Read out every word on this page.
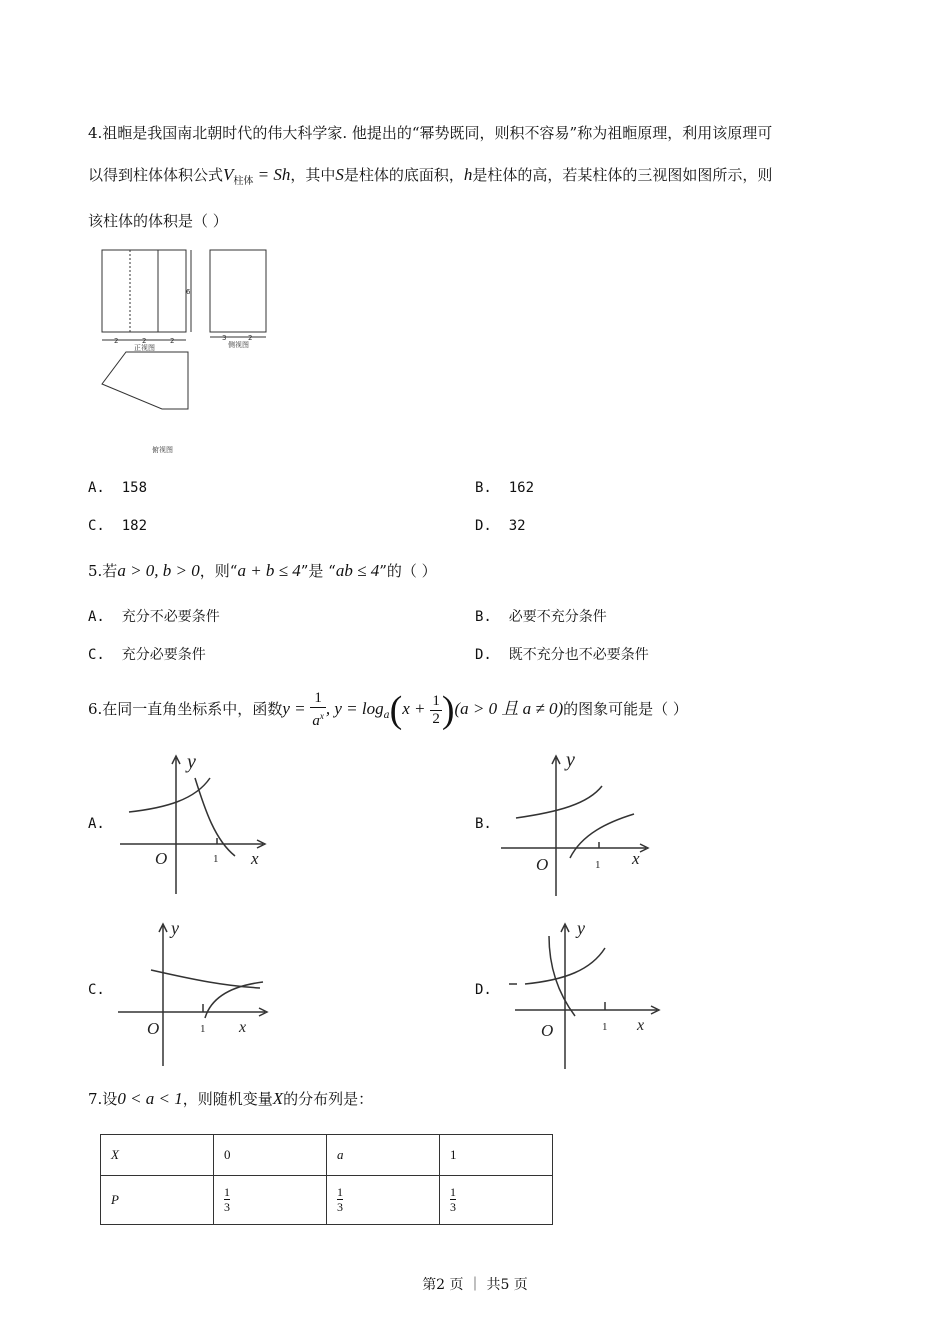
4.祖暅是我国南北朝时代的伟大科学家. 他提出的“幂势既同，则积不容易”称为祖暅原理，利用该原理可
以得到柱体体积公式$V_{柱体} = Sh$，其中S是柱体的底面积，h是柱体的高，若某柱体的三视图如图所示，则
该柱体的体积是（ ）
6
2	2	2	3	2
正视图	侧视图
俯视图
A. 158	B. 162
C. 182	D. 32
5.若a > 0, b > 0，则“a + b ≤ 4”是 “ab ≤ 4”的（ ）
A. 充分不必要条件	B. 必要不充分条件
C. 充分必要条件	D. 既不充分也不必要条件
6.在同一直角坐标系中，函数$y = \frac{1}{a^x}$ , $y = \log_a(x + \frac{1}{2} )(a > 0$ 且 a ≠ 0)的图象可能是（ ）
A.
y
O	1 x
B.
y
O	1 x
C.
y
O	1 x
D.
y
O	1 x
7.设0 < a < 1，则随机变量X的分布列是：
X	0	a	1
P	$\frac{1}{3}$	$\frac{1}{3}$	$\frac{1}{3}$
第2 页 ｜ 共5 页
